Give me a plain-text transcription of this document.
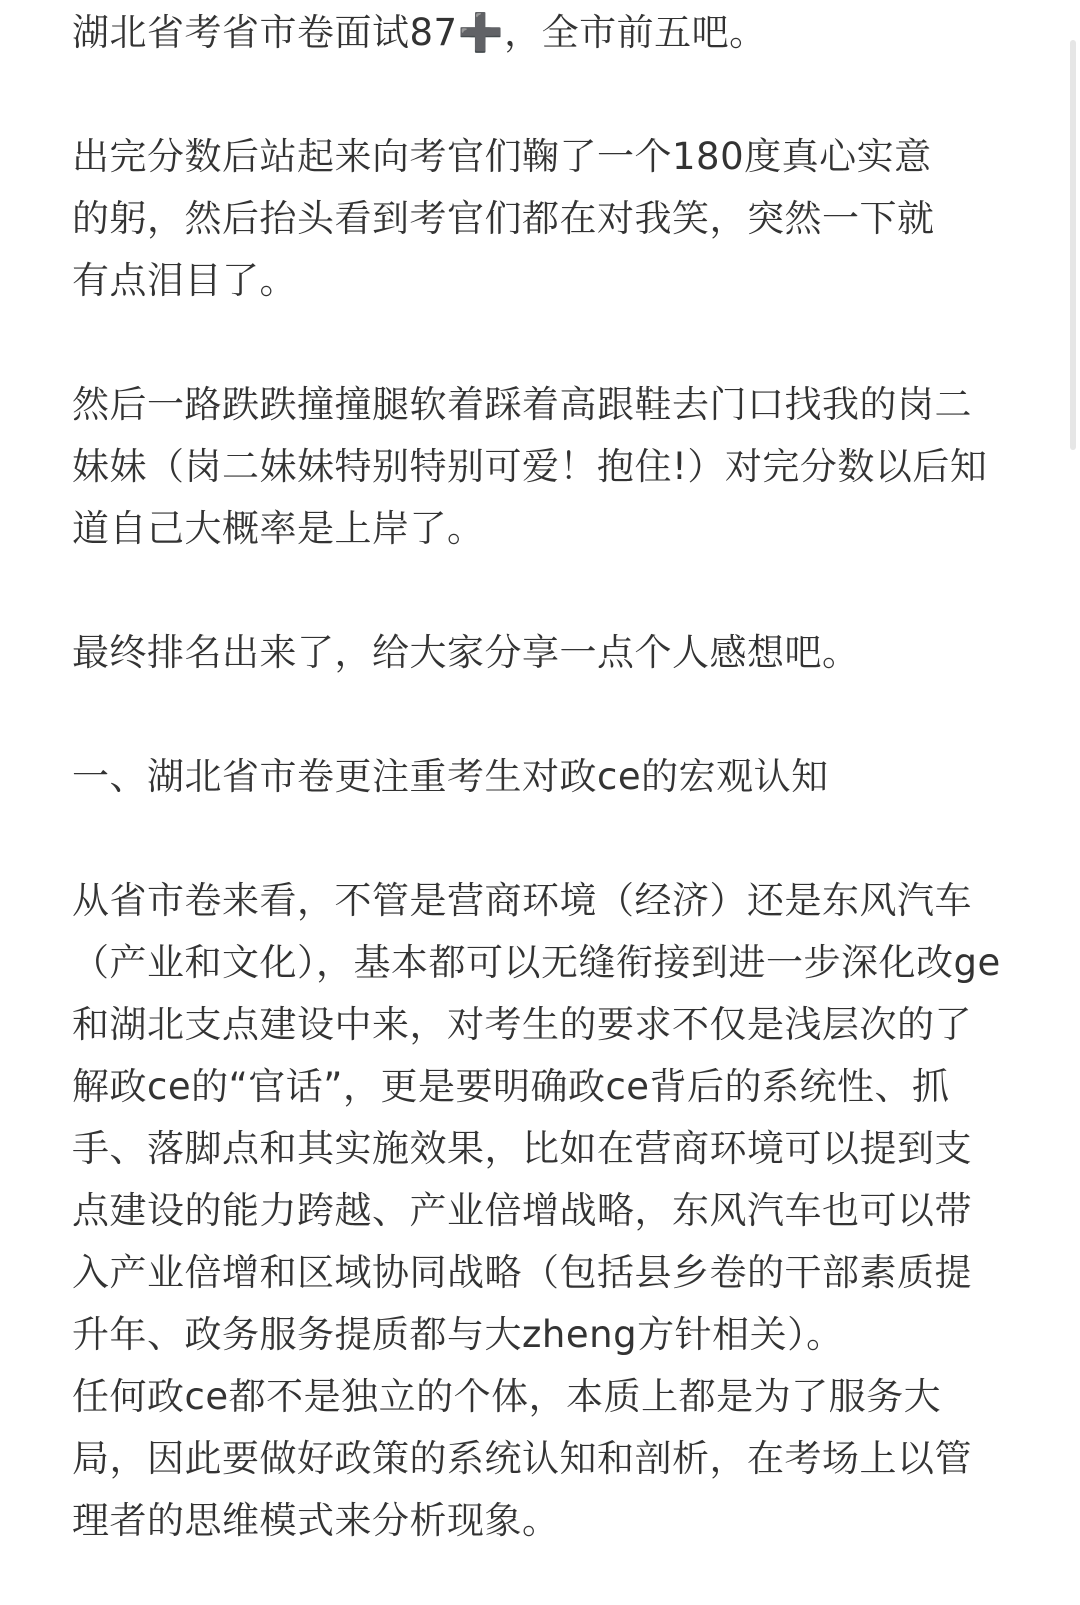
湖北省考省市卷面试87➕，全市前五吧。

出完分数后站起来向考官们鞠了一个180度真心实意
的躬，然后抬头看到考官们都在对我笑，突然一下就
有点泪目了。

然后一路跌跌撞撞腿软着踩着高跟鞋去门口找我的岗二
妹妹（岗二妹妹特别特别可爱！抱住!）对完分数以后知
道自己大概率是上岸了。

最终排名出来了，给大家分享一点个人感想吧。

一、湖北省市卷更注重考生对政ce的宏观认知

从省市卷来看，不管是营商环境（经济）还是东风汽车
（产业和文化），基本都可以无缝衔接到进一步深化改ge
和湖北支点建设中来，对考生的要求不仅是浅层次的了
解政ce的“官话”，更是要明确政ce背后的系统性、抓
手、落脚点和其实施效果，比如在营商环境可以提到支
点建设的能力跨越、产业倍增战略，东风汽车也可以带
入产业倍增和区域协同战略（包括县乡卷的干部素质提
升年、政务服务提质都与大zheng方针相关）。
任何政ce都不是独立的个体，本质上都是为了服务大
局，因此要做好政策的系统认知和剖析，在考场上以管
理者的思维模式来分析现象。
